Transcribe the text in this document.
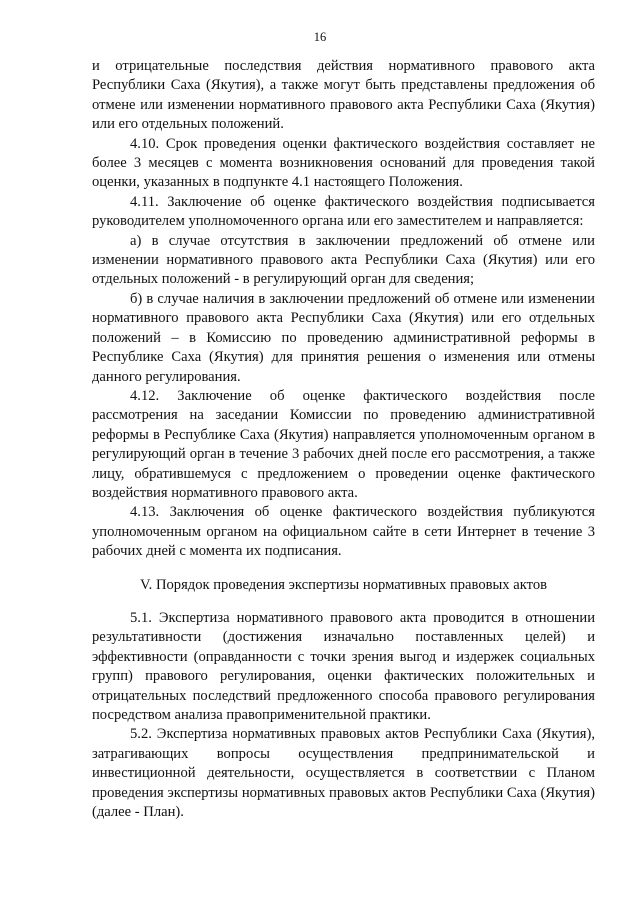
16

и отрицательные последствия действия нормативного правового акта Республики Саха (Якутия), а также могут быть представлены предложения об отмене или изменении нормативного правового акта Республики Саха (Якутия) или его отдельных положений.

4.10. Срок проведения оценки фактического воздействия составляет не более 3 месяцев с момента возникновения оснований для проведения такой оценки, указанных в подпункте 4.1 настоящего Положения.

4.11. Заключение об оценке фактического воздействия подписывается руководителем уполномоченного органа или его заместителем и направляется:

а) в случае отсутствия в заключении предложений об отмене или изменении нормативного правового акта Республики Саха (Якутия) или его отдельных положений - в регулирующий орган для сведения;

б) в случае наличия в заключении предложений об отмене или изменении нормативного правового акта Республики Саха (Якутия) или его отдельных положений – в Комиссию по проведению административной реформы в Республике Саха (Якутия) для принятия решения о изменения или отмены данного регулирования.

4.12. Заключение об оценке фактического воздействия после рассмотрения на заседании Комиссии по проведению административной реформы в Республике Саха (Якутия) направляется уполномоченным органом в регулирующий орган в течение 3 рабочих дней после его рассмотрения, а также лицу, обратившемуся с предложением о проведении оценке фактического воздействия нормативного правового акта.

4.13. Заключения об оценке фактического воздействия публикуются уполномоченным органом на официальном сайте в сети Интернет в течение 3 рабочих дней с момента их подписания.

V. Порядок проведения экспертизы нормативных правовых актов

5.1. Экспертиза нормативного правового акта проводится в отношении результативности (достижения изначально поставленных целей) и эффективности (оправданности с точки зрения выгод и издержек социальных групп) правового регулирования, оценки фактических положительных и отрицательных последствий предложенного способа правового регулирования посредством анализа правоприменительной практики.

5.2. Экспертиза нормативных правовых актов Республики Саха (Якутия), затрагивающих вопросы осуществления предпринимательской и инвестиционной деятельности, осуществляется в соответствии с Планом проведения экспертизы нормативных правовых актов Республики Саха (Якутия) (далее - План).
